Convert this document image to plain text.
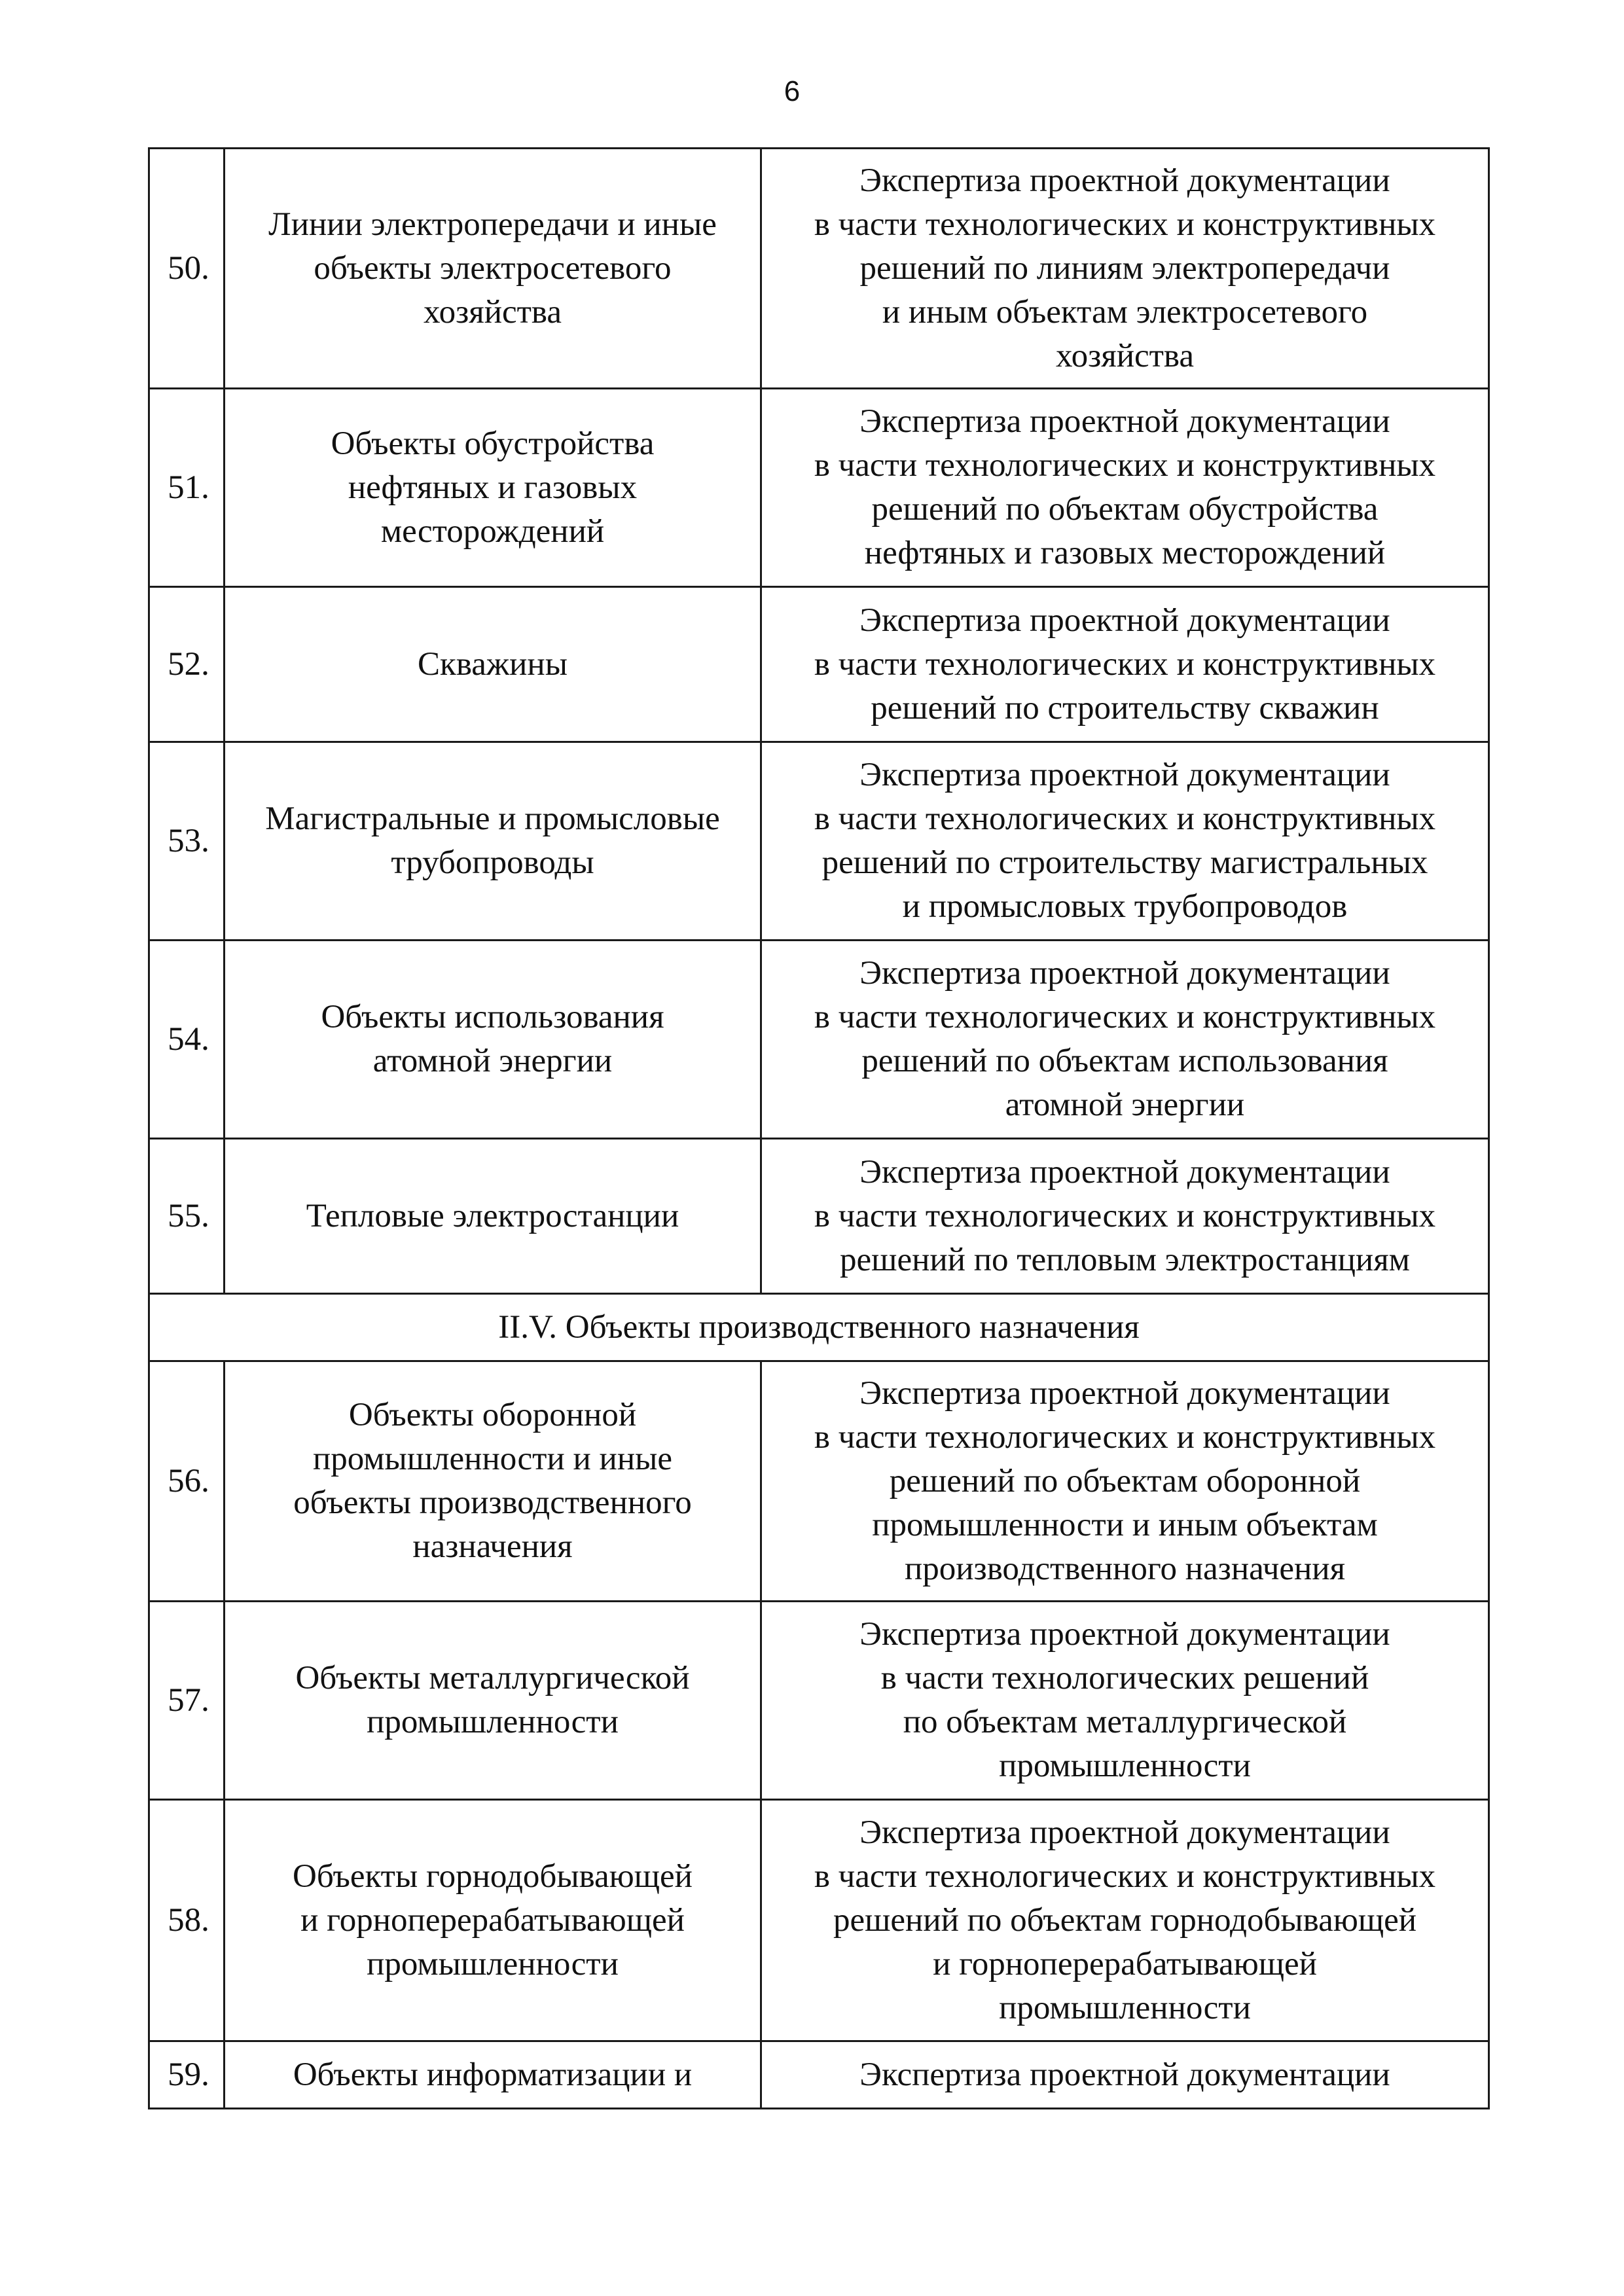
6
50.	Линии электропередачи и иные
объекты электросетевого
хозяйства	Экспертиза проектной документации
в части технологических и конструктивных
решений по линиям электропередачи
и иным объектам электросетевого
хозяйства

51.	Объекты обустройства
нефтяных и газовых
месторождений	Экспертиза проектной документации
в части технологических и конструктивных
решений по объектам обустройства
нефтяных и газовых месторождений

52.	Скважины	Экспертиза проектной документации
в части технологических и конструктивных
решений по строительству скважин

53.	Магистральные и промысловые
трубопроводы	Экспертиза проектной документации
в части технологических и конструктивных
решений по строительству магистральных
и промысловых трубопроводов

54.	Объекты использования
атомной энергии	Экспертиза проектной документации
в части технологических и конструктивных
решений по объектам использования
атомной энергии

55.	Тепловые электростанции	Экспертиза проектной документации
в части технологических и конструктивных
решений по тепловым электростанциям

II.V. Объекты производственного назначения		
56.	Объекты оборонной
промышленности и иные
объекты производственного
назначения	Экспертиза проектной документации
в части технологических и конструктивных
решений по объектам оборонной
промышленности и иным объектам
производственного назначения

57.	Объекты металлургической
промышленности	Экспертиза проектной документации
в части технологических решений
по объектам металлургической
промышленности

58.	Объекты горнодобывающей
и горноперерабатывающей
промышленности	Экспертиза проектной документации
в части технологических и конструктивных
решений по объектам горнодобывающей
и горноперерабатывающей
промышленности

59.	Объекты информатизации и	Экспертиза проектной документации
